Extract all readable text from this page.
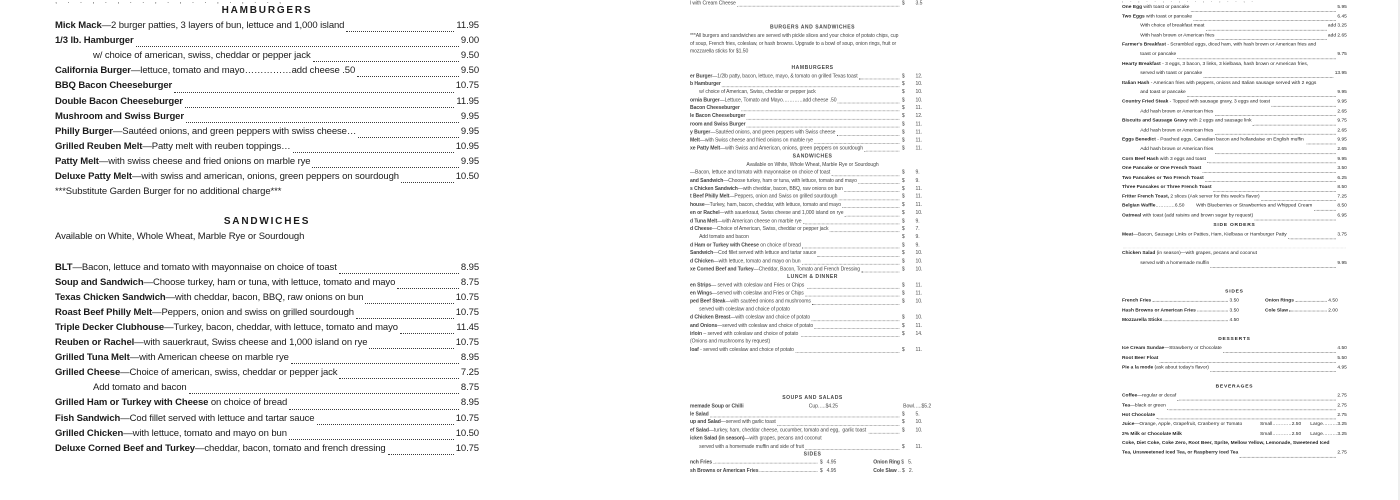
, . . , . , . . , . , . . , . , . . ,
HAMBURGERS
Mick Mack —2 burger patties, 3 layers of bun, lettuce and 1,000 island	11.95
1/3 lb. Hamburger	9.00
w/ choice of american, swiss, cheddar or pepper jack	9.50
California Burger —lettuce, tomato and mayo …………… add cheese .50	9.50
BBQ Bacon Cheeseburger	10.75
Double Bacon Cheeseburger	11.95
Mushroom and Swiss Burger	9.95
Philly Burger —Sautéed onions, and green peppers with swiss cheese…	9.95
Grilled Reuben Melt —Patty melt with reuben toppings…	10.95
Patty Melt —with swiss cheese and fried onions on marble rye	9.95
Deluxe Patty Melt —with swiss and american, onions, green peppers on sourdough	10.50
***Substitute Garden Burger for no additional charge***
SANDWICHES
Available on White, Whole Wheat, Marble Rye or Sourdough
BLT —Bacon, lettuce and tomato with mayonnaise on choice of toast	8.95
Soup and Sandwich —Choose turkey, ham or tuna, with lettuce, tomato and mayo	8.75
Texas Chicken Sandwich —with cheddar, bacon, BBQ, raw onions on bun	10.75
Roast Beef Philly Melt —Peppers, onion and swiss on grilled sourdough	10.75
Triple Decker Clubhouse —Turkey, bacon, cheddar, with lettuce, tomato and mayo	11.45
Reuben or Rachel —with sauerkraut, Swiss cheese and 1,000 island on rye	10.75
Grilled Tuna Melt —with American cheese on marble rye	8.95
Grilled Cheese —Choice of american, swiss, cheddar or pepper jack	7.25
Add tomato and bacon	8.75
Grilled Ham or Turkey with Cheese on choice of bread	8.95
Fish Sandwich —Cod fillet served with lettuce and tartar sauce	10.75
Grilled Chicken —with lettuce, tomato and mayo on bun	10.50
Deluxe Corned Beef and Turkey —cheddar, bacon, tomato and french dressing	10.75
l with Cream Cheese	$	3.5
BURGERS AND SANDWICHES
***All burgers and sandwiches are served with pickle slices and your choice of potato chips, cup
of soup, French fries, coleslaw, or hash browns. Upgrade to a bowl of soup, onion rings, fruit or
mozzarella sticks for $1.50
HAMBURGERS
er Burger —1/2lb patty, bacon, lettuce, mayo, & tomato on grilled Texas toast	$	12.
b Hamburger	$	10.
w/ choice of American, Swiss, cheddar or pepper jack	$	10.
ornia Burger —Lettuce, Tomato and Mayo ………… add cheese .50	$	10.
Bacon Cheeseburger	$	11.
le Bacon Cheeseburger	$	12.
room and Swiss Burger	$	11.
y Burger —Sautéed onions, and green peppers with Swiss cheese	$	11.
Melt —with Swiss cheese and fried onions on marble rye	$	11.
xe Patty Melt —with Swiss and American, onions, green peppers on sourdough	$	11.
SANDWICHES
Available on White, Whole Wheat, Marble Rye or Sourdough
—Bacon, lettuce and tomato with mayonnaise on choice of toast	$	9.
and Sandwich —Choose turkey, ham or tuna, with lettuce, tomato and mayo	$	9.
s Chicken Sandwich —with cheddar, bacon, BBQ, raw onions on bun	$	11.
t Beef Philly Melt —Peppers, onion and Swiss on grilled sourdough	$	11.
house —Turkey, ham, bacon, cheddar, with lettuce, tomato and mayo	$	11.
en or Rachel —with sauerkraut, Swiss cheese and 1,000 island on rye	$	10.
d Tuna Melt —with American cheese on marble rye	$	9.
d Cheese —Choice of American, Swiss, cheddar or pepper jack	$	7.
Add tomato and bacon	$	9.
d Ham or Turkey with Cheese on choice of bread	$	9.
Sandwich —Cod fillet served with lettuce and tartar sauce	$	10.
d Chicken —with lettuce, tomato and mayo on bun	$	10.
xe Corned Beef and Turkey —Cheddar, Bacon, Tomato and French Dressing	$	10.
LUNCH & DINNER
en Strips — served with coleslaw and Fries or Chips	$	11.
en Wings —served with coleslaw and Fries or Chips	$	11.
ped Beef Steak —with sautéed onions and mushrooms	$	10.
served with coleslaw and choice of potato
d Chicken Breast —with coleslaw and choice of potato	$	10.
and Onions —served with coleslaw and choice of potato	$	11.
irloin – served with coleslaw and choice of potato	$	14.
(Onions and mushrooms by request)
loaf - served with coleslaw and choice of potato	$	11.
SOUPS AND SALADS
memade Soup or Chilli	Cup ….. $4.25	Bowl ….. $5.2
le Salad	$	5.
up and Salad —served with garlic toast	$	10.
ef Salad —turkey, ham, cheddar cheese, cucumber, tomato and egg,  garlic toast	$	10.
icken Salad (in season) —with grapes, pecans and coconut
served with a homemade muffin and side of fruit	$	11.
SIDES
nch Fries	$   4.95	Onion Ring $   5.
sh Browns or American Fries	$   4.95	Cole Slaw .. $   2.
, . , . . , . , . . , . , . . , .
One Egg with toast or pancake	5.95
Two Eggs with toast or pancake	6.45
With choice of breakfast meat	add 3.25
With hash brown or American fries	add 2.65
Farmer's Breakfast - Scrambled eggs, diced ham, with hash brown or American fries and
toast or pancake	9.75
Hearty Breakfast - 3 eggs, 3 bacon, 3 links, 3 kielbasa, hash brown or American fries,
served with toast or pancake	13.95
Italian Hash - American fries with peppers, onions and Italian sausage served with 2 eggs
and toast or pancake	9.95
Country Fried Steak - Topped with sausage gravy, 3 eggs and toast	9.95
Add hash brown or American fries	2.65
Biscuits and Sausage Gravy with 2 eggs and sausage link	9.75
Add hash brown or American fries	2.65
Eggs Benedict - Poached eggs, Canadian bacon and hollandaise on English muffin	9.95
Add hash brown or American fries	2.65
Corn Beef Hash with 3 eggs and toast	9.95
One Pancake or One French Toast	3.50
Two Pancakes or Two French Toast	6.25
Three Pancakes or Three French Toast	8.50
Fritter French Toast, 2 slices (Ask server for this week's flavor)	7.25
Belgian Waffle ………… 6.50 With Blueberries or Strawberries and Whipped Cream	8.50
Oatmeal with toast (add raisins and brown sugar by request)	6.95
SIDE ORDERS
Meat —Bacon, Sausage Links or Patties, Ham, Kielbasa or Hamburger Patty	3.75
Chicken Salad (in season)—with grapes, pecans and coconut
served with a homemade muffin	9.95
SIDES
French Fries	3.50	Onion Rings	4.50
Hash Browns or American Fries	3.50	Cole Slaw	2.00
Mozzarella Sticks	4.50
DESSERTS
Ice Cream Sundae —Strawberry or Chocolate	4.50
Root Beer Float	5.50
Pie a la mode (ask about today's flavor)	4.95
BEVERAGES
Coffee —regular or decaf	2.75
Tea —black or green	2.75
Hot Chocolate	2.75
Juice —Orange, Apple, Grapefruit, Cranberry or Tomato Small ………… 2.50 Large ……… 3.25
2% Milk or Chocolate Milk	Small ………… 2.50 Large ……… 3.25
Coke, Diet Coke, Coke Zero, Root Beer, Sprite, Mellow Yellow, Lemonade, Sweetened Iced
Tea, Unsweetened Iced Tea, or Raspberry Iced Tea	2.75
